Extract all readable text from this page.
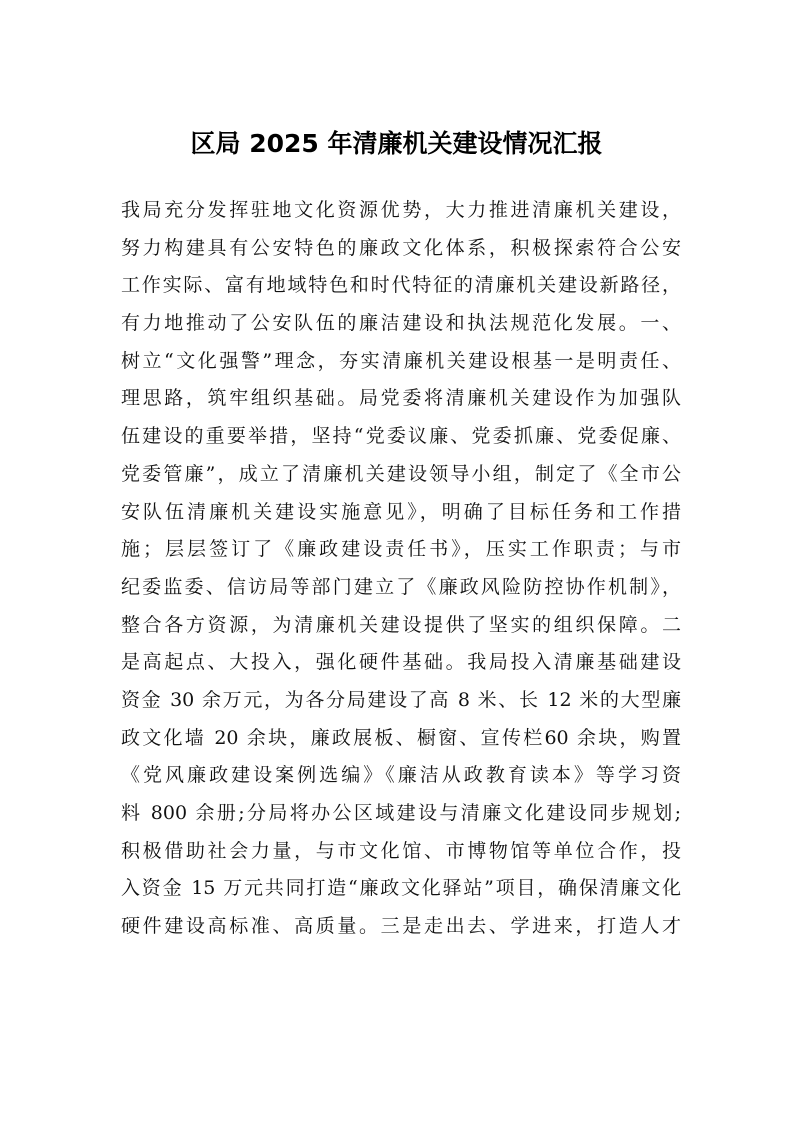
区局 2025 年清廉机关建设情况汇报
我局充分发挥驻地文化资源优势，大力推进清廉机关建设，
努力构建具有公安特色的廉政文化体系，积极探索符合公安
工作实际、富有地域特色和时代特征的清廉机关建设新路径，
有力地推动了公安队伍的廉洁建设和执法规范化发展。一、
树立“文化强警”理念，夯实清廉机关建设根基一是明责任、
理思路，筑牢组织基础。局党委将清廉机关建设作为加强队
伍建设的重要举措，坚持“党委议廉、党委抓廉、党委促廉、
党委管廉”，成立了清廉机关建设领导小组，制定了《全市公
安队伍清廉机关建设实施意见》，明确了目标任务和工作措
施；层层签订了《廉政建设责任书》，压实工作职责；与市
纪委监委、信访局等部门建立了《廉政风险防控协作机制》，
整合各方资源，为清廉机关建设提供了坚实的组织保障。二
是高起点、大投入，强化硬件基础。我局投入清廉基础建设
资金 30 余万元，为各分局建设了高 8 米、长 12 米的大型廉
政文化墙 20 余块，廉政展板、橱窗、宣传栏60 余块，购置
《党风廉政建设案例选编》《廉洁从政教育读本》等学习资
料 800 余册;分局将办公区域建设与清廉文化建设同步规划;
积极借助社会力量，与市文化馆、市博物馆等单位合作，投
入资金 15 万元共同打造“廉政文化驿站”项目，确保清廉文化
硬件建设高标准、高质量。三是走出去、学进来，打造人才
